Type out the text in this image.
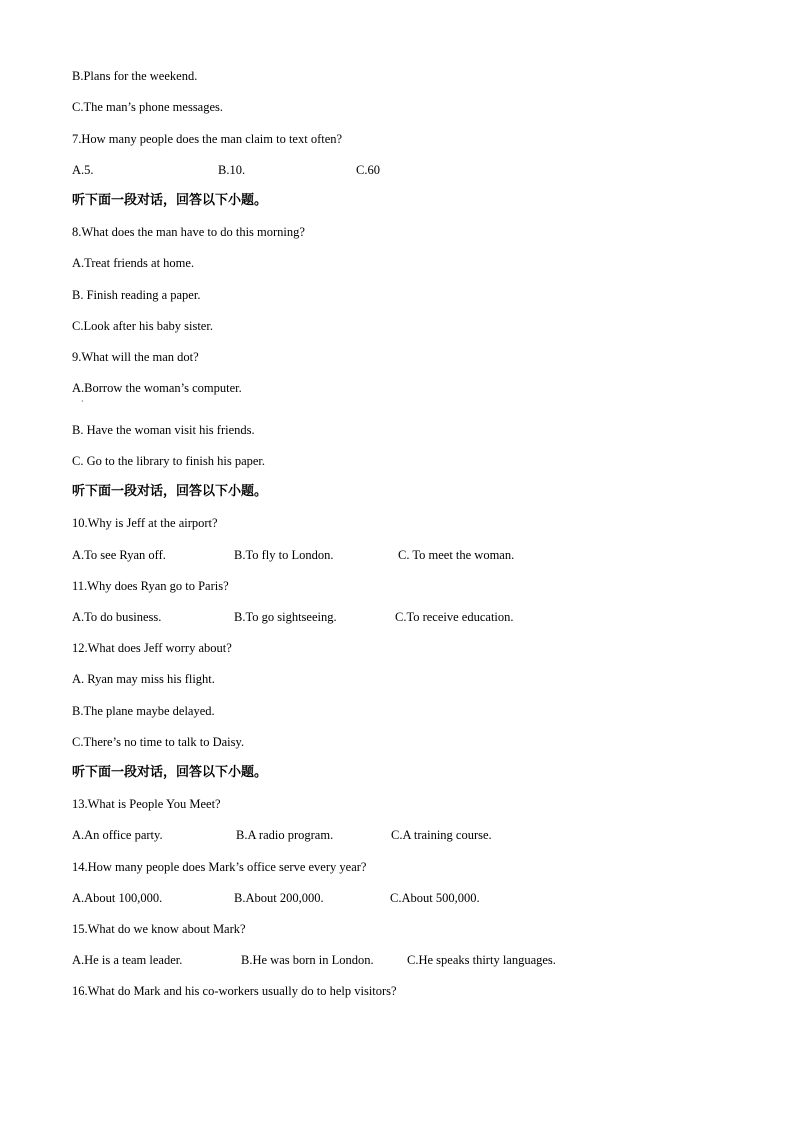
B.Plans for the weekend.
C.The man’s phone messages.
7.How many people does the man claim to text often?
A.5.	B.10.	C.60
听下面一段对话，回答以下小题。
8.What does the man have to do this morning?
A.Treat friends at home.
B. Finish reading a paper.
C.Look after his baby sister.
9.What will the man dot?
A.Borrow the woman’s computer.
·
B. Have the woman visit his friends.
C. Go to the library to finish his paper.
听下面一段对话，回答以下小题。
10.Why is Jeff at the airport?
A.To see Ryan off.	B.To fly to London.	C. To meet the woman.
11.Why does Ryan go to Paris?
A.To do business.	B.To go sightseeing.	C.To receive education.
12.What does Jeff worry about?
A. Ryan may miss his flight.
B.The plane maybe delayed.
C.There’s no time to talk to Daisy.
听下面一段对话，回答以下小题。
13.What is People You Meet?
A.An office party.	B.A radio program.	C.A training course.
14.How many people does Mark’s office serve every year?
A.About 100,000.	B.About 200,000.	C.About 500,000.
15.What do we know about Mark?
A.He is a team leader.	B.He was born in London.	C.He speaks thirty languages.
16.What do Mark and his co-workers usually do to help visitors?
